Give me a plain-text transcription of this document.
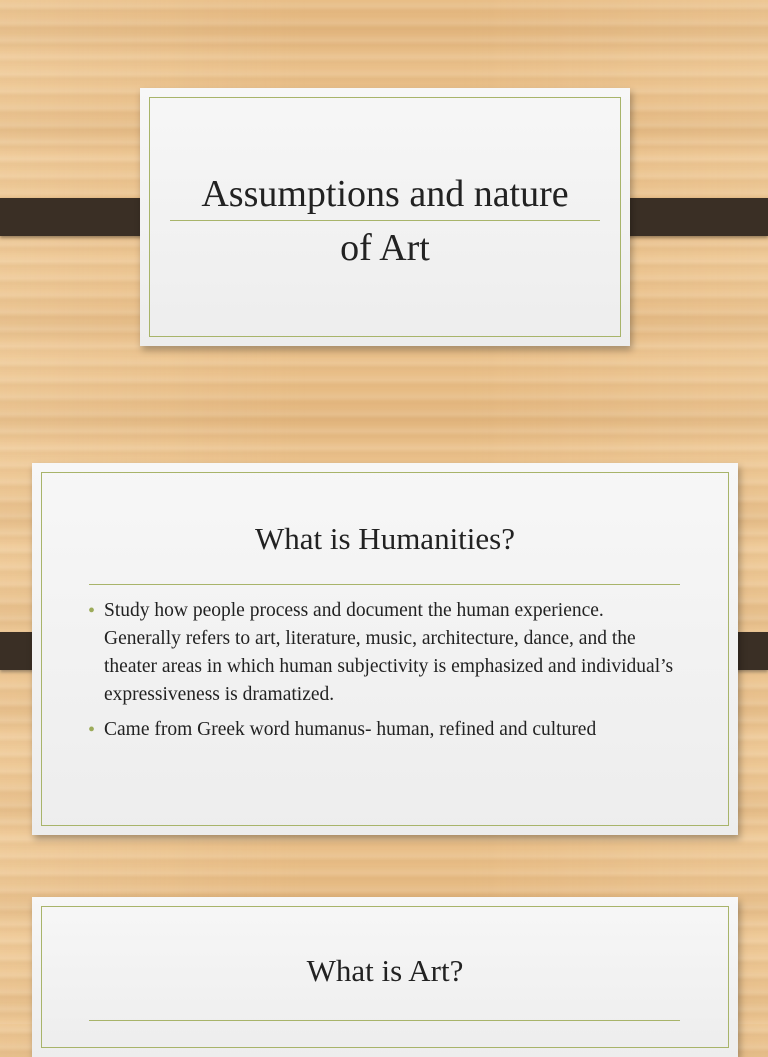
Assumptions and nature
of Art
What is Humanities?
• Study how people process and document the human experience. Generally refers to art, literature, music, architecture, dance, and the theater areas in which human subjectivity is emphasized and individual’s expressiveness is dramatized.
• Came from Greek word humanus- human, refined and cultured
What is Art?
